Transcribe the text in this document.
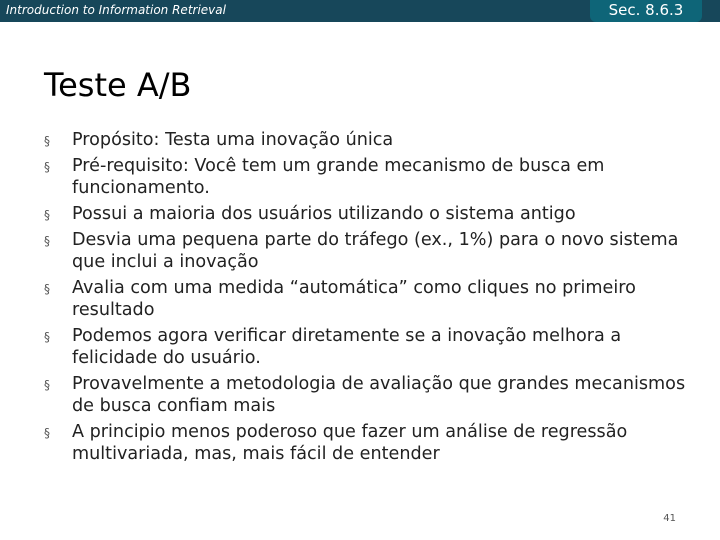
Introduction to Information Retrieval	Sec. 8.6.3
Teste A/B
§	Propósito: Testa uma inovação única
§	Pré-requisito: Você tem um grande mecanismo de busca em funcionamento.
§	Possui a maioria dos usuários utilizando o sistema antigo
§	Desvia uma pequena parte do tráfego (ex., 1%) para o novo sistema que inclui a inovação
§	Avalia com uma medida “automática” como cliques no primeiro resultado
§	Podemos agora verificar diretamente se a inovação melhora a felicidade do usuário.
§	Provavelmente a metodologia de avaliação que grandes mecanismos de busca confiam mais
§	A principio menos poderoso que fazer um análise de regressão multivariada, mas, mais fácil de entender
41
